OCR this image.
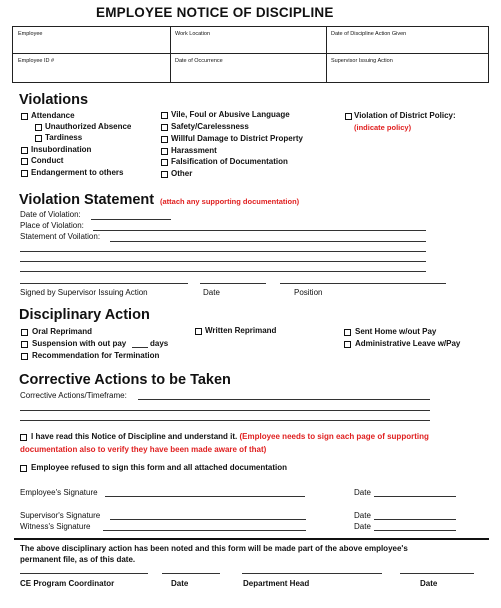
EMPLOYEE NOTICE OF DISCIPLINE
Employee	Work Location	Date of Discipline Action Given
Employee ID #	Date of Occurrence	Supervisor Issuing Action
Violations
Attendance
Unauthorized Absence
Tardiness
Insubordination
Conduct
Endangerment to others
Vile, Foul or Abusive Language
Safety/Carelessness
Willful Damage to District Property
Harassment
Falsification of Documentation
Other
Violation of District Policy:
(indicate policy)
Violation Statement (attach any supporting documentation)
Date of Violation:
Place of Violation:
Statement of Voilation:
Signed by Supervisor Issuing Action	Date	Position
Disciplinary Action
Oral Reprimand
Suspension with out pay	days
Recommendation for Termination
Written Reprimand	Sent Home w/out Pay
Administrative Leave w/Pay
Corrective Actions to be Taken
Corrective Actions/Timeframe:
I have read this Notice of Discipline and understand it. (Employee needs to sign each page of supporting
documentation also to verify they have been made aware of that)
Employee refused to sign this form and all attached documentation
Employee's Signature	Date
Supervisor's Signature	Date
Witness's Signature	Date
The above disciplinary action has been noted and this form will be made part of the above employee's
permanent file, as of this date.
CE Program Coordinator	Date	Department Head	Date
